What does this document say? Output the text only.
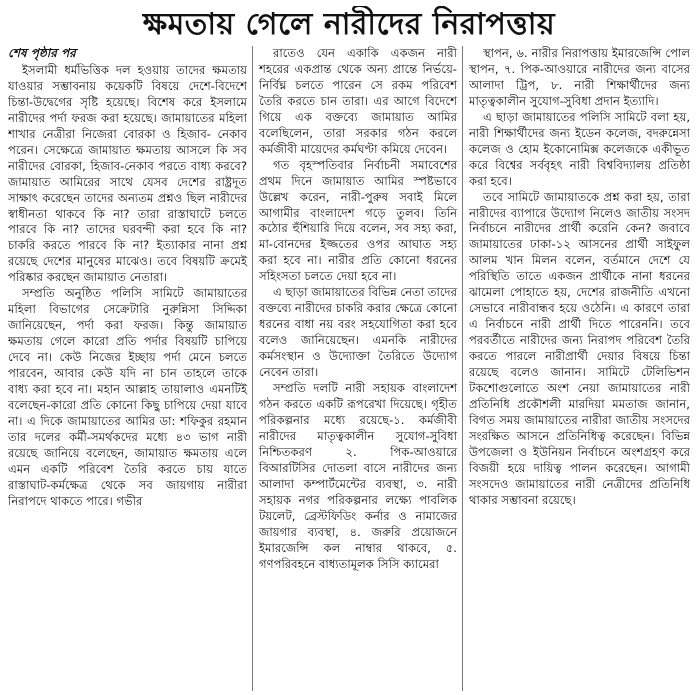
ক্ষমতায় গেলে নারীদের নিরাপত্তায়
শেষ পৃষ্ঠার পর

ইসলামী ধর্মভিত্তিক দল হওয়ায় তাদের ক্ষমতায় যাওয়ার সম্ভাবনায় কয়েকটি বিষয়ে দেশে-বিদেশে চিন্তা-উদ্বেগের সৃষ্টি হয়েছে। বিশেষ করে ইসলামে নারীদের পর্দা ফরজ করা হয়েছে। জামায়াতের মহিলা শাখার নেত্রীরা নিজেরা বোরকা ও হিজাব- নেকাব পরেন। সেক্ষেত্রে জামায়াত ক্ষমতায় আসলে কি সব নারীদের বোরকা, হিজাব-নেকাব পরতে বাধ্য করবে? জামায়াত আমিরের সাথে যেসব দেশের রাষ্ট্রদূত সাক্ষাৎ করেছেন তাদের অন্যতম প্রশ্নও ছিল নারীদের স্বাধীনতা থাকবে কি না? তারা রাস্তাঘাটে চলতে পারবে কি না? তাদের ঘরবন্দী করা হবে কি না? চাকরি করতে পারবে কি না? ইত্যাকার নানা প্রশ্ন রয়েছে দেশের মানুষের মাঝেও। তবে বিষয়টি ক্রমেই পরিষ্কার করছেন জামায়াত নেতারা।

সম্প্রতি অনুষ্ঠিত পলিসি সামিটে জামায়াতের মহিলা বিভাগের সেক্রেটারি নুরুন্নিসা সিদ্দিকা জানিয়েছেন, পর্দা করা ফরজ। কিন্তু জামায়াত ক্ষমতায় গেলে কারো প্রতি পর্দার বিষয়টি চাপিয়ে দেবে না। কেউ নিজের ইচ্ছায় পর্দা মেনে চলতে পারবেন, আবার কেউ যদি না চান তাহলে তাকে বাধ্য করা হবে না। মহান আল্লাহ তায়ালাও এমনটিই বলেছেন-কারো প্রতি কোনো কিছু চাপিয়ে দেয়া যাবে না। এ দিকে জামায়াতের আমির ডা: শফিকুর রহমান তার দলের কর্মী-সমর্থকদের মধ্যে ৪৩ ভাগ নারী রয়েছে জানিয়ে বলেছেন, জামায়াত ক্ষমতায় এলে এমন একটি পরিবেশ তৈরি করতে চায় যাতে রাস্তাঘাট-কর্মক্ষেত্র থেকে সব জায়গায় নারীরা নিরাপদে থাকতে পারে। গভীর

রাতেও যেন একাকি একজন নারী শহরের একপ্রান্ত থেকে অন্য প্রান্তে নির্ভয়ে-নির্বিঘ্ন চলতে পারেন সে রকম পরিবেশ তৈরি করতে চান তারা। এর আগে বিদেশে গিয়ে এক বক্তব্যে জামায়াত আমির বলেছিলেন, তারা সরকার গঠন করলে কর্মজীবী মায়েদের কর্মঘণ্টা কমিয়ে দেবেন।

গত বৃহস্পতিবার নির্বাচনী সমাবেশের প্রথম দিনে জামায়াত আমির স্পষ্টভাবে উল্লেখ করেন, নারী-পুরুষ সবাই মিলে আগামীর বাংলাদেশ গড়ে তুলব। তিনি কঠোর হুঁশিয়ারি দিয়ে বলেন, সব সহ্য করা, মা-বোনদের ইজ্জতের ওপর আঘাত সহ্য করা হবে না। নারীর প্রতি কোনো ধরনের সহিংসতা চলতে দেয়া হবে না।

এ ছাড়া জামায়াতের বিভিন্ন নেতা তাদের বক্তব্যে নারীদের চাকরি করার ক্ষেত্রে কোনো ধরনের বাধা নয় বরং সহযোগিতা করা হবে বলেও জানিয়েছেন। এমনকি নারীদের কর্মসংস্থান ও উদ্যোক্তা তৈরিতে উদ্যোগ নেবেন তারা।

সম্প্রতি দলটি নারী সহায়ক বাংলাদেশ গঠন করতে একটি রূপরেখা দিয়েছে। গৃহীত পরিকল্পনার মধ্যে রয়েছে-১. কর্মজীবী নারীদের মাতৃত্বকালীন সুযোগ-সুবিধা নিশ্চিতকরণ ২. পিক-আওয়ারে বিআরটিসির দোতলা বাসে নারীদের জন্য আলাদা কম্পার্টমেন্টের ব্যবস্থা, ৩. নারী সহায়ক নগর পরিকল্পনার লক্ষ্যে পাবলিক টয়লেট, ব্রেস্টফিডিং কর্নার ও নামাজের জায়গার ব্যবস্থা, ৪. জরুরি প্রয়োজনে ইমারজেন্সি কল নাম্বার থাকবে, ৫. গণপরিবহনে বাধ্যতামূলক সিসি ক্যামেরা

স্থাপন, ৬. নারীর নিরাপত্তায় ইমারজেন্সি পোল স্থাপন, ৭. পিক-আওয়ারে নারীদের জন্য বাসের আলাদা ট্রিপ, ৮. নারী শিক্ষার্থীদের জন্য মাতৃত্বকালীন সুযোগ-সুবিধা প্রদান ইত্যাদি।

এ ছাড়া জামায়াতের পলিসি সামিটে বলা হয়, নারী শিক্ষার্থীদের জন্য ইডেন কলেজ, বদরুন্নেসা কলেজ ও হোম ইকোনোমিক্স কলেজকে একীভূত করে বিশ্বের সর্ববৃহৎ নারী বিশ্ববিদ্যালয় প্রতিষ্ঠা করা হবে।

তবে সামিটে জামায়াতকে প্রশ্ন করা হয়, তারা নারীদের ব্যাপারে উদ্যোগ নিলেও জাতীয় সংসদ নির্বাচনে নারীদের প্রার্থী করেনি কেন? জবাবে জামায়াতের ঢাকা-১২ আসনের প্রার্থী সাইফুল আলম খান মিলন বলেন, বর্তমানে দেশে যে পরিস্থিতি তাতে একজন প্রার্থীকে নানা ধরনের ঝামেলা পোহাতে হয়, দেশের রাজনীতি এখনো সেভাবে নারীবান্ধব হয়ে ওঠেনি। এ কারণে তারা এ নির্বাচনে নারী প্রার্থী দিতে পারেননি। তবে পরবর্তীতে নারীদের জন্য নিরাপদ পরিবেশ তৈরি করতে পারলে নারীপ্রার্থী দেয়ার বিষয়ে চিন্তা রয়েছে বলেও জানান। সামিটে টেলিভিশন টকশোগুলোতে অংশ নেয়া জামায়াতের নারী প্রতিনিধি প্রকৌশলী মারদিয়া মমতাজ জানান, বিগত সময় জামায়াতের নারীরা জাতীয় সংসদের সংরক্ষিত আসনে প্রতিনিধিত্ব করেছেন। বিভিন্ন উপজেলা ও ইউনিয়ন নির্বাচনে অংশগ্রহণ করে বিজয়ী হয়ে দায়িত্ব পালন করেছেন। আগামী সংসদেও জামায়াতের নারী নেত্রীদের প্রতিনিধি থাকার সম্ভাবনা রয়েছে।
